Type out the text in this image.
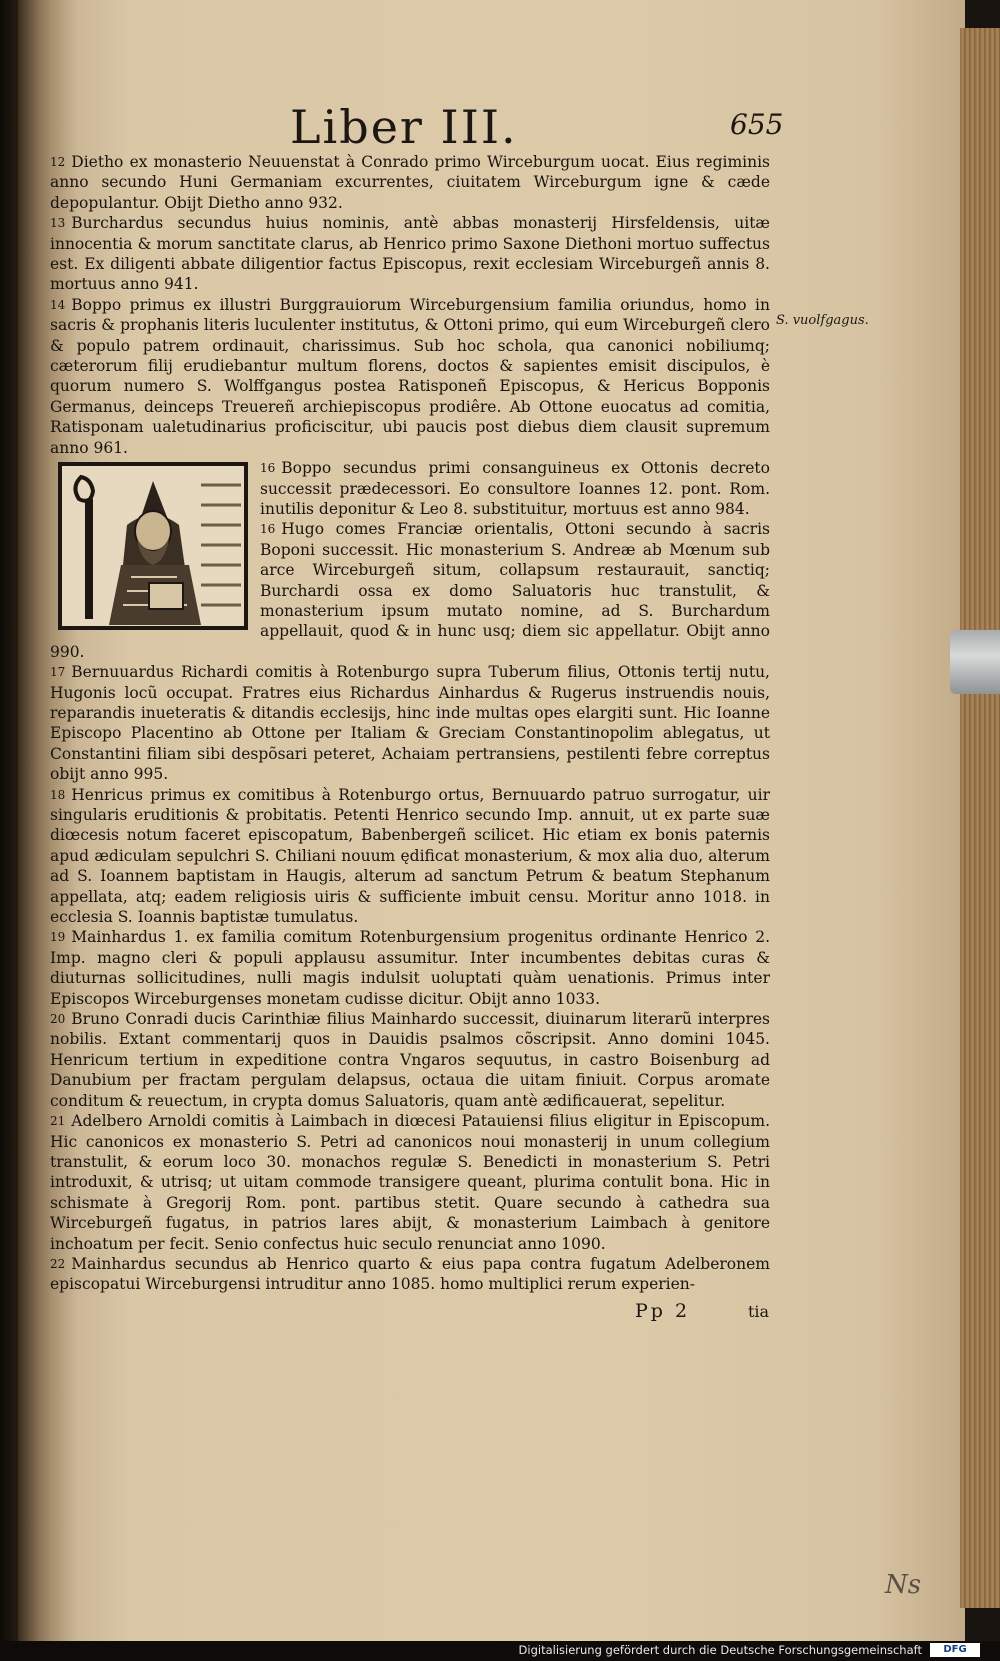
Liber III.	655
S. vuolfgagus.

$^{12}$ Dietho ex monasterio Neuuenstat à Conrado primo Wirceburgum uocat. Eius regiminis anno secundo Huni Germaniam excurrentes, ciuitatem Wirceburgum igne & cæde depopulantur. Obijt Dietho anno 932.

$^{13}$ Burchardus secundus huius nominis, antè abbas monasterij Hirsfeldensis, uitæ innocentia & morum sanctitate clarus, ab Henrico primo Saxone Diethoni mortuo suffectus est. Ex diligenti abbate diligentior factus Episcopus, rexit ecclesiam Wirceburgeñ annis 8. mortuus anno 941.

$^{14}$ Boppo primus ex illustri Burggrauiorum Wirceburgensium familia oriundus, homo in sacris & prophanis literis luculenter institutus, & Ottoni primo, qui eum Wirceburgeñ clero & populo patrem ordinauit, charissimus. Sub hoc schola, qua canonici nobiliumq; cæterorum filij erudiebantur multum florens, doctos & sapientes emisit discipulos, è quorum numero S. Wolffgangus postea Ratisponeñ Episcopus, & Hericus Bopponis Germanus, deinceps Treuereñ archiepiscopus prodiêre. Ab Ottone euocatus ad comitia, Ratisponam ualetudinarius proficiscitur, ubi paucis post diebus diem clausit supremum anno 961.

$^{16}$ Boppo secundus primi consanguineus ex Ottonis decreto successit prædecessori. Eo consultore Ioannes 12. pont. Rom. inutilis deponitur & Leo 8. substituitur, mortuus est anno 984.

$^{16}$ Hugo comes Franciæ orientalis, Ottoni secundo à sacris Boponi successit. Hic monasterium S. Andreæ ab Mœnum sub arce Wirceburgeñ situm, collapsum restaurauit, sanctiq; Burchardi ossa ex domo Saluatoris huc transtulit, & monasterium ipsum mutato nomine, ad S. Burchardum appellauit, quod & in hunc usq; diem sic appellatur. Obijt anno 990.

$^{17}$ Bernuuardus Richardi comitis à Rotenburgo supra Tuberum filius, Ottonis tertij nutu, Hugonis locũ occupat. Fratres eius Richardus Ainhardus & Rugerus instruendis nouis, reparandis inueteratis & ditandis ecclesijs, hinc inde multas opes elargiti sunt. Hic Ioanne Episcopo Placentino ab Ottone per Italiam & Greciam Constantinopolim ablegatus, ut Constantini filiam sibi despõsari peteret, Achaiam pertransiens, pestilenti febre correptus obijt anno 995.

$^{18}$ Henricus primus ex comitibus à Rotenburgo ortus, Bernuuardo patruo surrogatur, uir singularis eruditionis & probitatis. Petenti Henrico secundo Imp. annuit, ut ex parte suæ diœcesis notum faceret episcopatum, Babenbergeñ scilicet. Hic etiam ex bonis paternis apud ædiculam sepulchri S. Chiliani nouum ędificat monasterium, & mox alia duo, alterum ad S. Ioannem baptistam in Haugis, alterum ad sanctum Petrum & beatum Stephanum appellata, atq; eadem religiosis uiris & sufficiente imbuit censu. Moritur anno 1018. in ecclesia S. Ioannis baptistæ tumulatus.

$^{19}$ Mainhardus 1. ex familia comitum Rotenburgensium progenitus ordinante Henrico 2. Imp. magno cleri & populi applausu assumitur. Inter incumbentes debitas curas & diuturnas sollicitudines, nulli magis indulsit uoluptati quàm uenationis. Primus inter Episcopos Wirceburgenses monetam cudisse dicitur. Obijt anno 1033.

$^{20}$ Bruno Conradi ducis Carinthiæ filius Mainhardo successit, diuinarum literarũ interpres nobilis. Extant commentarij quos in Dauidis psalmos cõscripsit. Anno domini 1045. Henricum tertium in expeditione contra Vngaros sequutus, in castro Boisenburg ad Danubium per fractam pergulam delapsus, octaua die uitam finiuit. Corpus aromate conditum & reuectum, in crypta domus Saluatoris, quam antè ædificauerat, sepelitur.

$^{21}$ Adelbero Arnoldi comitis à Laimbach in diœcesi Patauiensi filius eligitur in Episcopum. Hic canonicos ex monasterio S. Petri ad canonicos noui monasterij in unum collegium transtulit, & eorum loco 30. monachos regulæ S. Benedicti in monasterium S. Petri introduxit, & utrisq; ut uitam commode transigere queant, plurima contulit bona. Hic in schismate à Gregorij Rom. pont. partibus stetit. Quare secundo à cathedra sua Wirceburgeñ fugatus, in patrios lares abijt, & monasterium Laimbach à genitore inchoatum per fecit. Senio confectus huic seculo renunciat anno 1090.

$^{22}$ Mainhardus secundus ab Henrico quarto & eius papa contra fugatum Adelberonem episcopatui Wirceburgensi intruditur anno 1085. homo multiplici rerum experien-

Pp 2	tia
Ns
Digitalisierung gefördert durch die Deutsche Forschungsgemeinschaft	DFG
